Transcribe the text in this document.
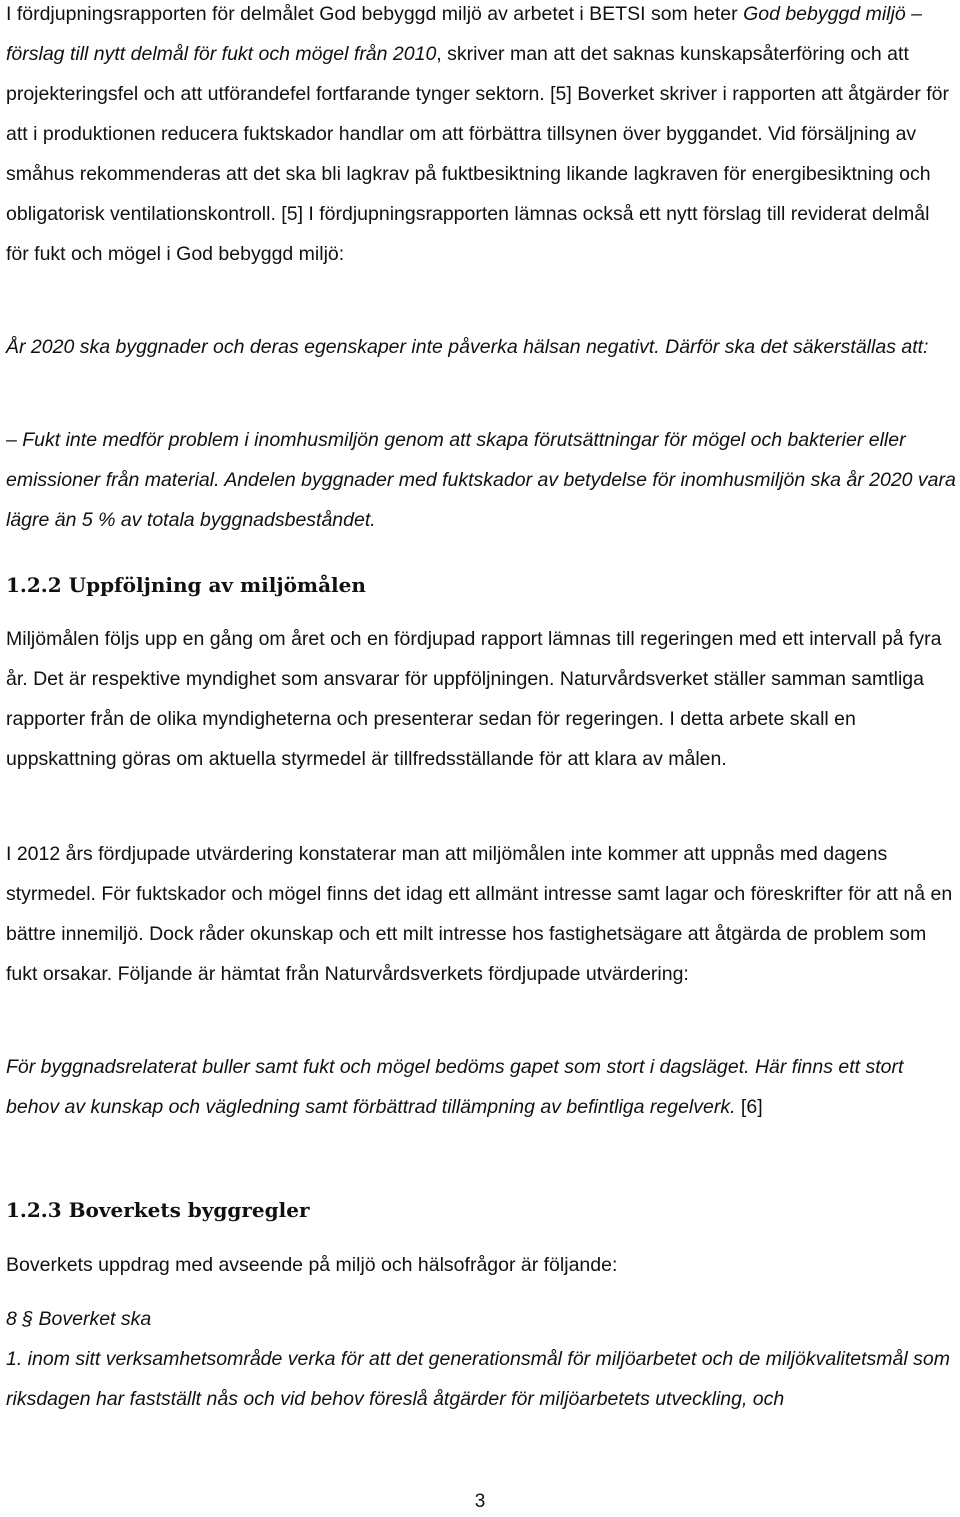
I fördjupningsrapporten för delmålet God bebyggd miljö av arbetet i BETSI som heter God bebyggd miljö – förslag till nytt delmål för fukt och mögel från 2010, skriver man att det saknas kunskapsåterföring och att projekteringsfel och att utförandefel fortfarande tynger sektorn. [5] Boverket skriver i rapporten att åtgärder för att i produktionen reducera fuktskador handlar om att förbättra tillsynen över byggandet. Vid försäljning av småhus rekommenderas att det ska bli lagkrav på fuktbesiktning likande lagkraven för energibesiktning och obligatorisk ventilationskontroll. [5] I fördjupningsrapporten lämnas också ett nytt förslag till reviderat delmål för fukt och mögel i God bebyggd miljö:

År 2020 ska byggnader och deras egenskaper inte påverka hälsan negativt. Därför ska det säkerställas att:

– Fukt inte medför problem i inomhusmiljön genom att skapa förutsättningar för mögel och bakterier eller emissioner från material. Andelen byggnader med fuktskador av betydelse för inomhusmiljön ska år 2020 vara lägre än 5 % av totala byggnadsbeståndet.

1.2.2 Uppföljning av miljömålen

Miljömålen följs upp en gång om året och en fördjupad rapport lämnas till regeringen med ett intervall på fyra år. Det är respektive myndighet som ansvarar för uppföljningen. Naturvårdsverket ställer samman samtliga rapporter från de olika myndigheterna och presenterar sedan för regeringen. I detta arbete skall en uppskattning göras om aktuella styrmedel är tillfredsställande för att klara av målen.

I 2012 års fördjupade utvärdering konstaterar man att miljömålen inte kommer att uppnås med dagens styrmedel. För fuktskador och mögel finns det idag ett allmänt intresse samt lagar och föreskrifter för att nå en bättre innemiljö. Dock råder okunskap och ett milt intresse hos fastighetsägare att åtgärda de problem som fukt orsakar. Följande är hämtat från Naturvårdsverkets fördjupade utvärdering:

För byggnadsrelaterat buller samt fukt och mögel bedöms gapet som stort i dagsläget. Här finns ett stort behov av kunskap och vägledning samt förbättrad tillämpning av befintliga regelverk. [6]

1.2.3 Boverkets byggregler

Boverkets uppdrag med avseende på miljö och hälsofrågor är följande:

8 § Boverket ska

1. inom sitt verksamhetsområde verka för att det generationsmål för miljöarbetet och de miljökvalitetsmål som riksdagen har fastställt nås och vid behov föreslå åtgärder för miljöarbetets utveckling, och

3
